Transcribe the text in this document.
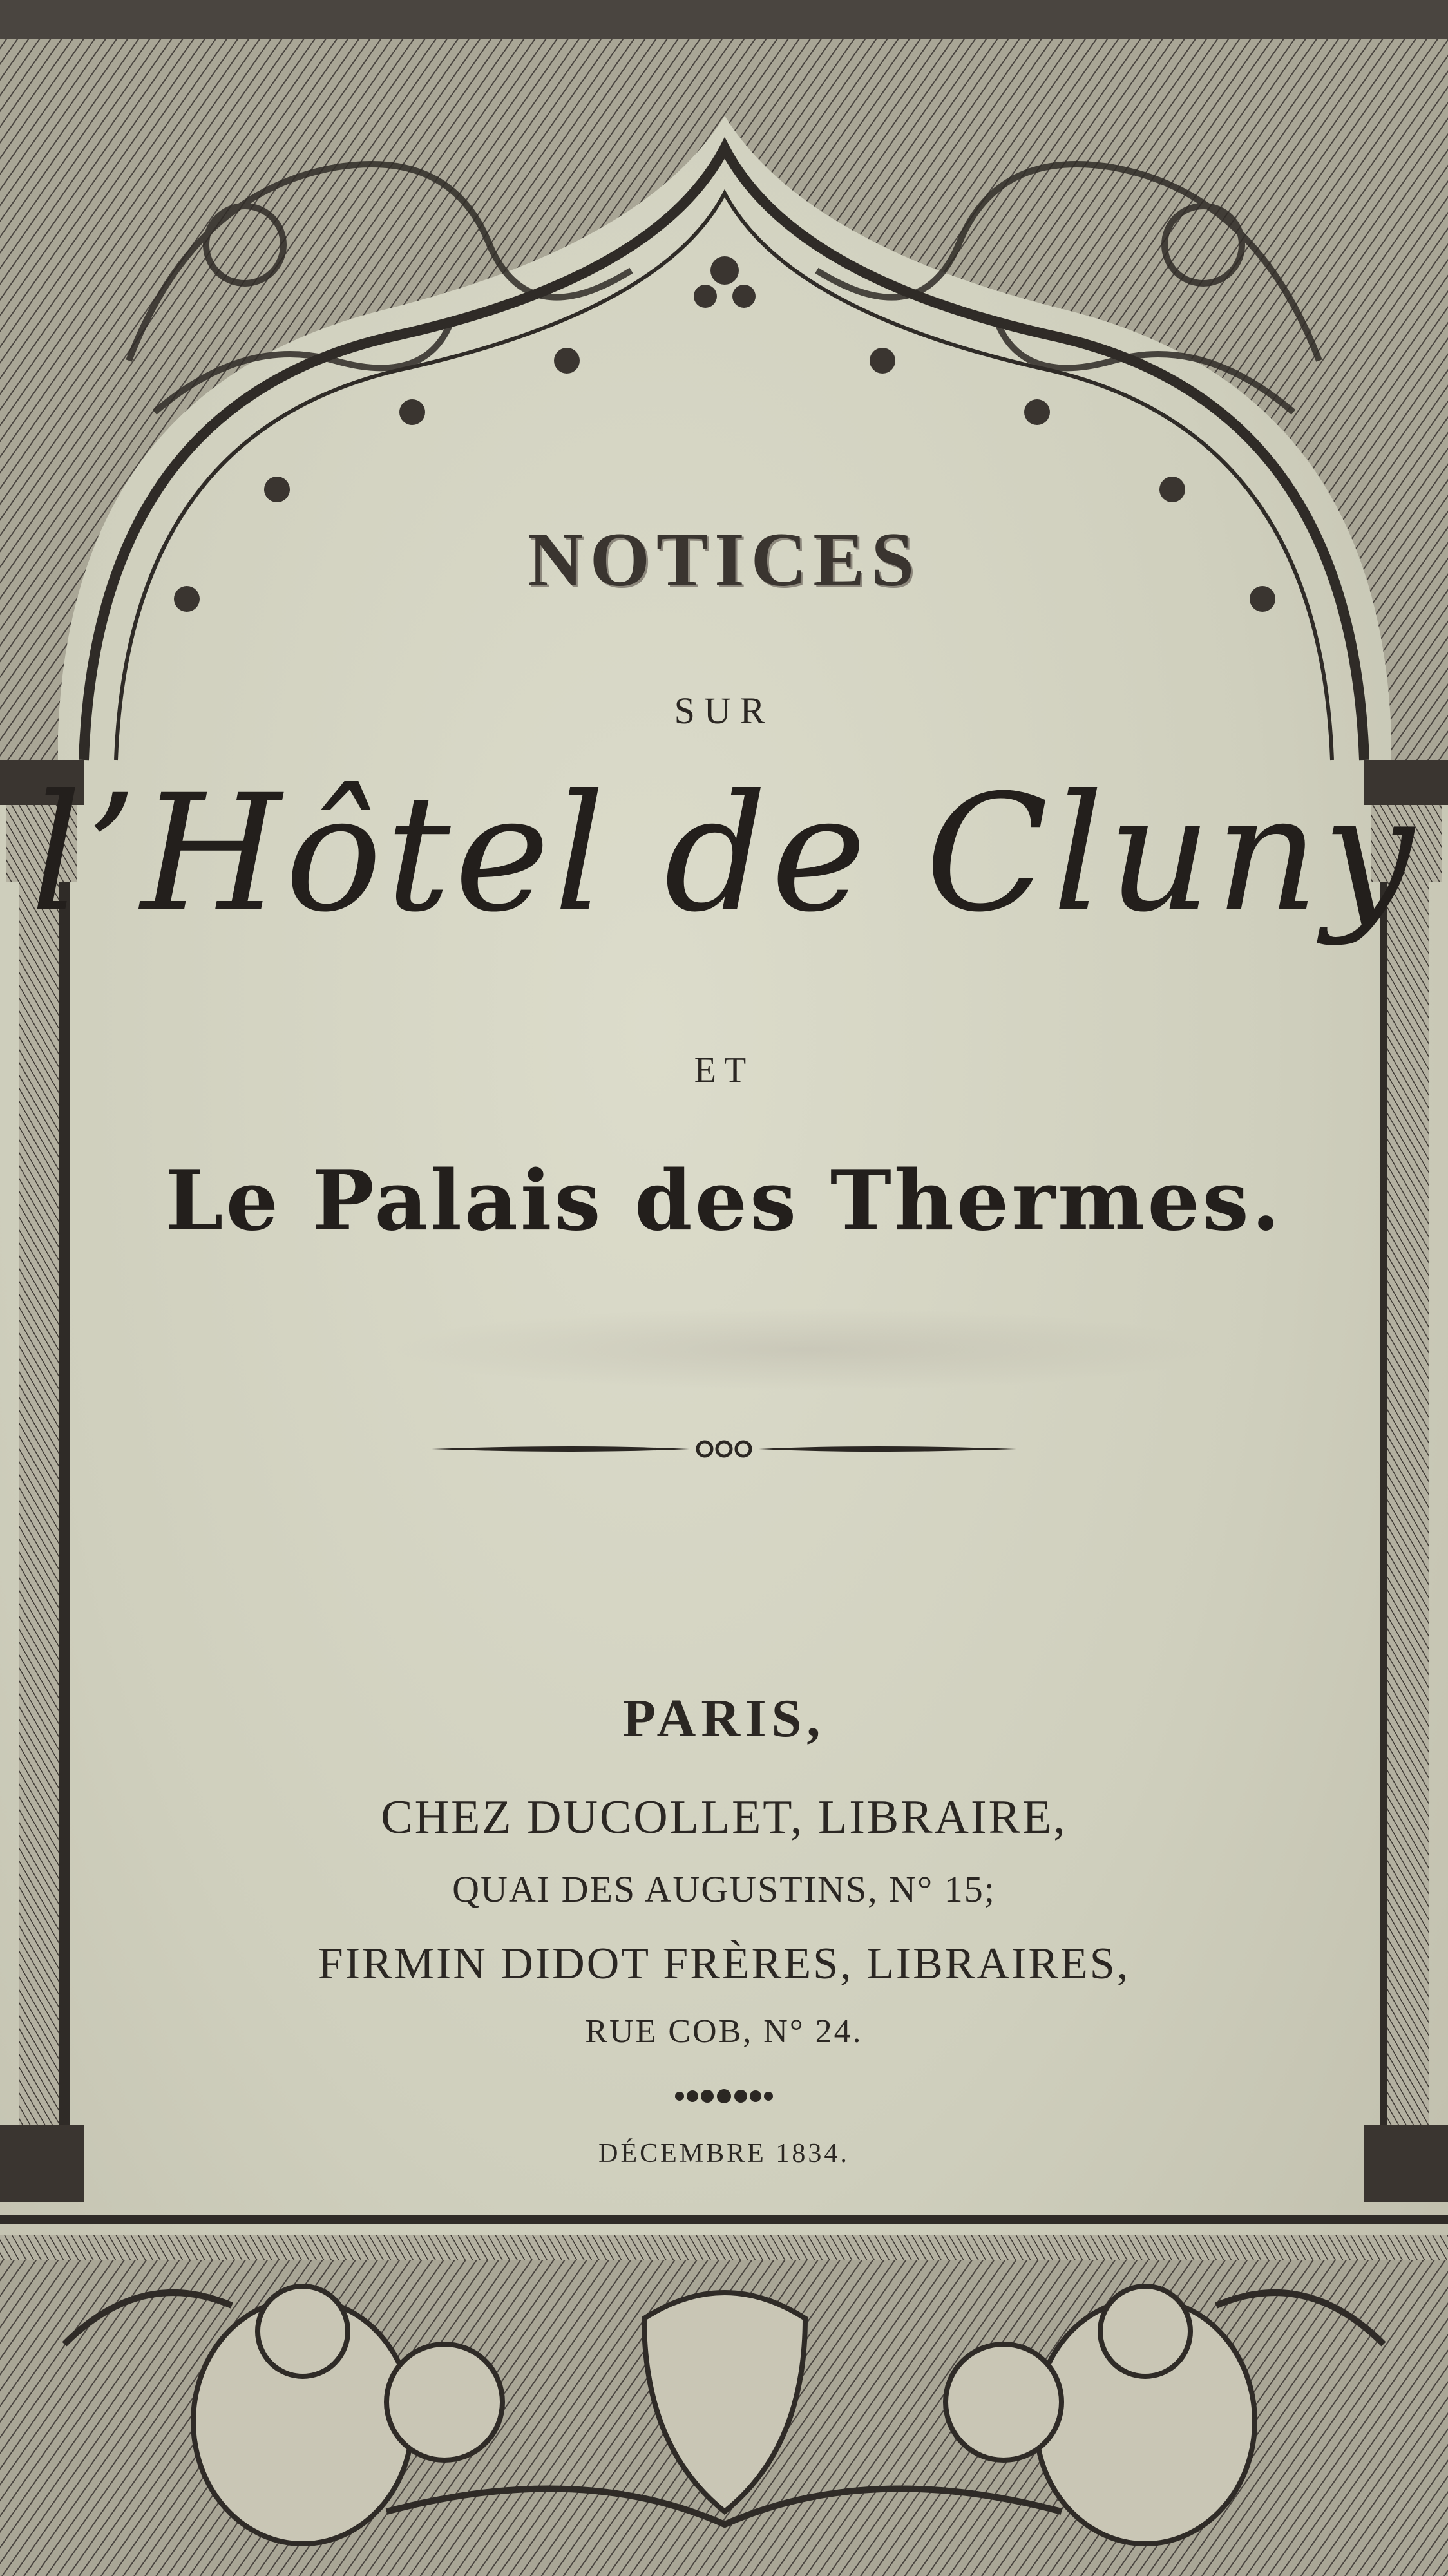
NOTICES
SUR
l’Hôtel de Cluny
ET
Le Palais des Thermes.
PARIS,
CHEZ DUCOLLET, LIBRAIRE,
QUAI DES AUGUSTINS, N° 15;
FIRMIN DIDOT FRÈRES, LIBRAIRES,
RUE COB, N° 24.
DÉCEMBRE 1834.
